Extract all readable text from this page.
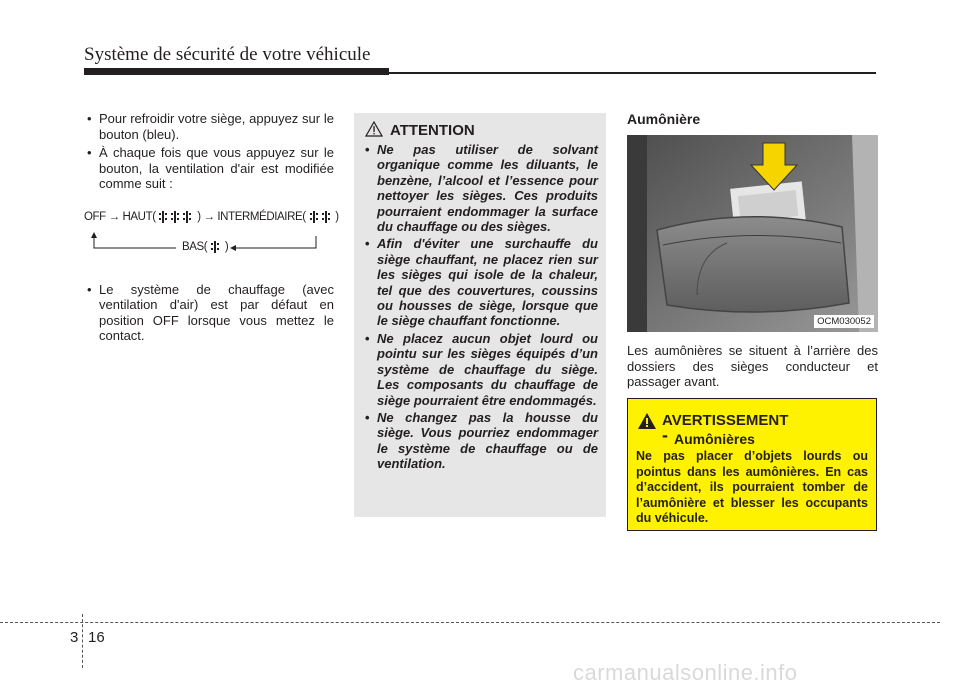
Système de sécurité de votre véhicule
• Pour refroidir votre siège, appuyez sur le bouton (bleu).
• À chaque fois que vous appuyez sur le bouton, la ventilation d'air est modifiée comme suit :
OFF → HAUT(	) → INTERMÉDIAIRE(	)
BAS( )
• Le système de chauffage (avec ventilation d'air) est par défaut en position OFF lorsque vous mettez le contact.
ATTENTION
• Ne pas utiliser de solvant organique comme les diluants, le benzène, l’alcool et l’essence pour nettoyer les sièges. Ces produits pourraient endommager la surface du chauffage ou des sièges.
• Afin d'éviter une surchauffe du siège chauffant, ne placez rien sur les sièges qui isole de la chaleur, tel que des couvertures, coussins ou housses de siège, lorsque que le siège chauffant fonctionne.
• Ne placez aucun objet lourd ou pointu sur les sièges équipés d’un système de chauffage du siège. Les composants du chauffage de siège pourraient être endommagés.
• Ne changez pas la housse du siège. Vous pourriez endommager le système de chauffage ou de ventilation.
Aumônière
OCM030052
Les aumônières se situent à l’arrière des dossiers des sièges conducteur et passager avant.
AVERTISSEMENT
- Aumônières
Ne pas placer d’objets lourds ou pointus dans les aumônières. En cas d’accident, ils pourraient tomber de l’aumônière et blesser les occupants du véhicule.
3 16
carmanualsonline.info
